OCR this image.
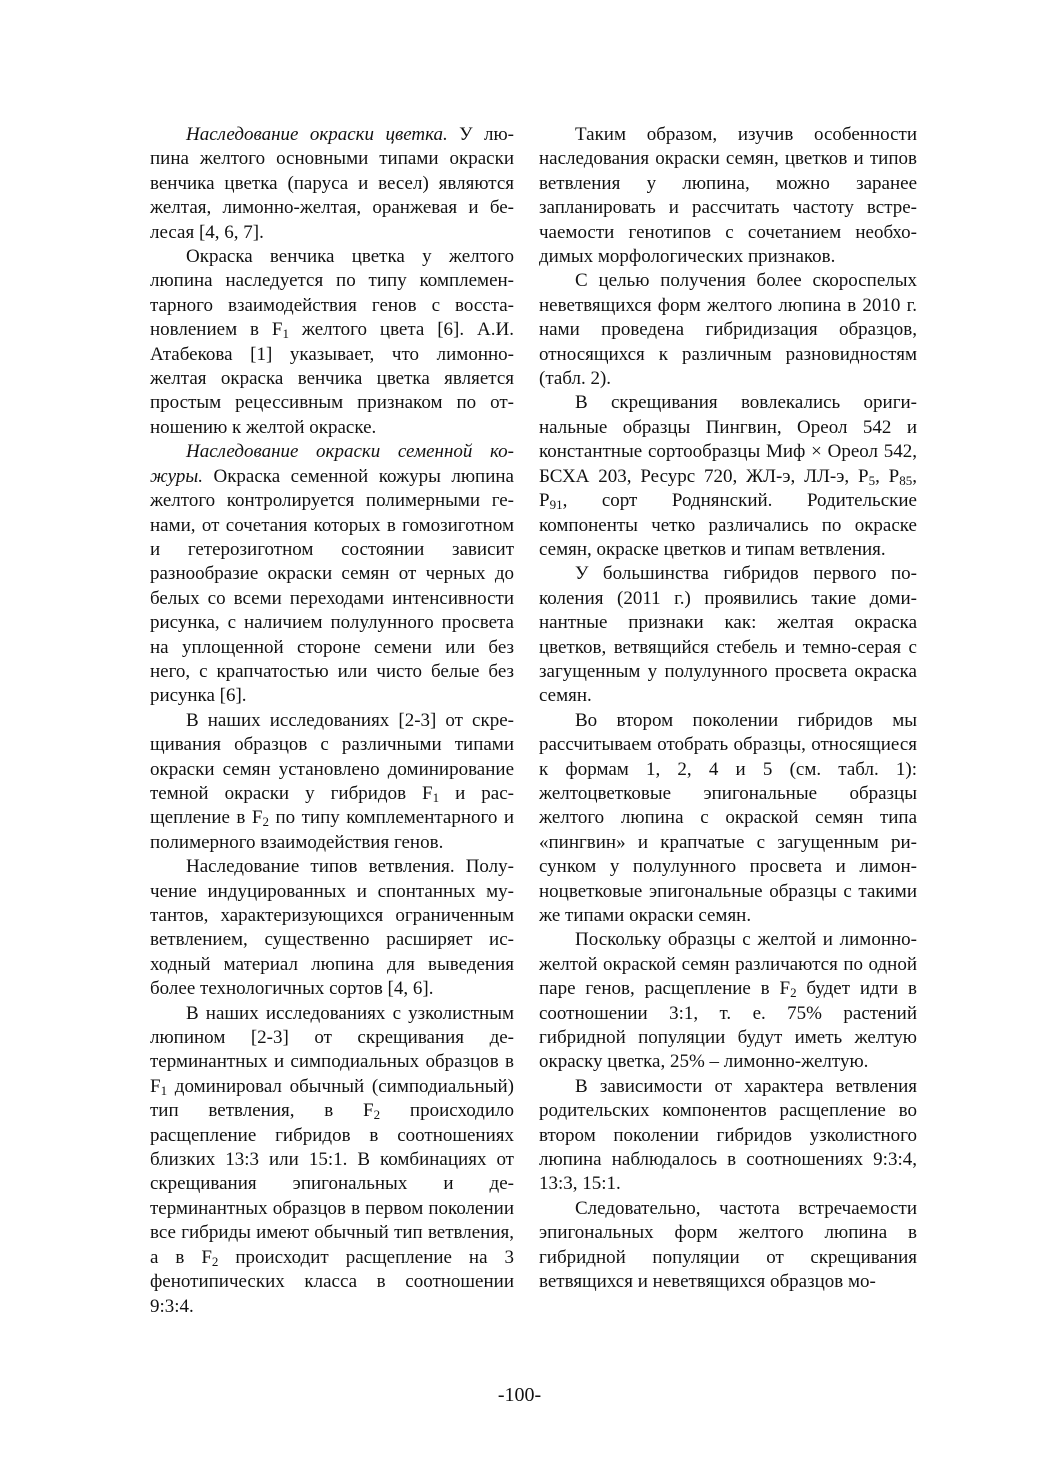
Наследование окраски цветка. У люпина желтого основными типами окраски венчика цветка (паруса и весел) являются желтая, лимонно-желтая, оранжевая и белесая [4, 6, 7].

Окраска венчика цветка у желтого люпина наследуется по типу комплементарного взаимодействия генов с восстановлением в $F_1$ желтого цвета [6]. А.И. Атабекова [1] указывает, что лимонно-желтая окраска венчика цветка является простым рецессивным признаком по отношению к желтой окраске.

Наследование окраски семенной кожуры. Окраска семенной кожуры люпина желтого контролируется полимерными генами, от сочетания которых в гомозиготном и гетерозиготном состоянии зависит разнообразие окраски семян от черных до белых со всеми переходами интенсивности рисунка, с наличием полулунного просвета на уплощенной стороне семени или без него, с крапчатостью или чисто белые без рисунка [6].

В наших исследованиях [2-3] от скрещивания образцов с различными типами окраски семян установлено доминирование темной окраски у гибридов $F_1$ и расщепление в $F_2$ по типу комплементарного и полимерного взаимодействия генов.

Наследование типов ветвления. Получение индуцированных и спонтанных мутантов, характеризующихся ограниченным ветвлением, существенно расширяет исходный материал люпина для выведения более технологичных сортов [4, 6].

В наших исследованиях с узколистным люпином [2-3] от скрещивания детерминантных и симподиальных образцов в $F_1$ доминировал обычный (симподиальный) тип ветвления, в $F_2$ происходило расщепление гибридов в соотношениях близких 13:3 или 15:1. В комбинациях от скрещивания эпигональных и детерминантных образцов в первом поколении все гибриды имеют обычный тип ветвления, а в $F_2$ происходит расщепление на 3 фенотипических класса в соотношении 9:3:4.

Таким образом, изучив особенности наследования окраски семян, цветков и типов ветвления у люпина, можно заранее запланировать и рассчитать частоту встречаемости генотипов с сочетанием необходимых морфологических признаков.

С целью получения более скороспелых неветвящихся форм желтого люпина в 2010 г. нами проведена гибридизация образцов, относящихся к различным разновидностям (табл. 2).

В скрещивания вовлекались оригинальные образцы Пингвин, Ореол 542 и константные сортообразцы Миф × Ореол 542, БСХА 203, Ресурс 720, ЖЛ-э, ЛЛ-э, $P_5$, $P_{85}$, $P_{91}$, сорт Роднянский. Родительские компоненты четко различались по окраске семян, окраске цветков и типам ветвления.

У большинства гибридов первого поколения (2011 г.) проявились такие доминантные признаки как: желтая окраска цветков, ветвящийся стебель и темно-серая с загущенным у полулунного просвета окраска семян.

Во втором поколении гибридов мы рассчитываем отобрать образцы, относящиеся к формам 1, 2, 4 и 5 (см. табл. 1): желтоцветковые эпигональные образцы желтого люпина с окраской семян типа «пингвин» и крапчатые с загущенным рисунком у полулунного просвета и лимонноцветковые эпигональные образцы с такими же типами окраски семян.

Поскольку образцы с желтой и лимонно-желтой окраской семян различаются по одной паре генов, расщепление в $F_2$ будет идти в соотношении 3:1, т. е. 75% растений гибридной популяции будут иметь желтую окраску цветка, 25% – лимонно-желтую.

В зависимости от характера ветвления родительских компонентов расщепление во втором поколении гибридов узколистного люпина наблюдалось в соотношениях 9:3:4, 13:3, 15:1.

Следовательно, частота встречаемости эпигональных форм желтого люпина в гибридной популяции от скрещивания ветвящихся и неветвящихся образцов мо-

-100-
